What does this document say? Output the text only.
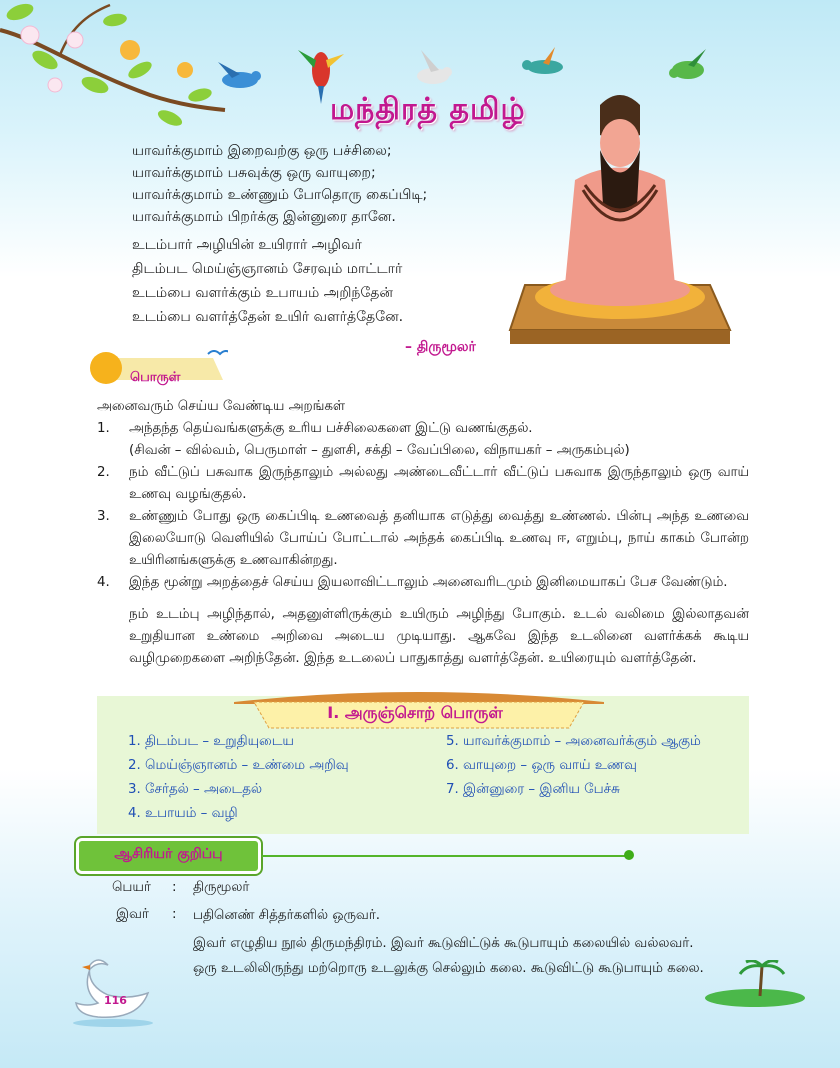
மந்திரத் தமிழ்
யாவர்க்குமாம் இறைவற்கு ஒரு பச்சிலை;
யாவர்க்குமாம் பசுவுக்கு ஒரு வாயுறை;
யாவர்க்குமாம் உண்ணும் போதொரு கைப்பிடி;
யாவர்க்குமாம் பிறர்க்கு இன்னுரை தானே.
உடம்பார் அழியின் உயிரார் அழிவர்
திடம்பட மெய்ஞ்ஞானம் சேரவும் மாட்டார்
உடம்பை வளர்க்கும் உபாயம் அறிந்தேன்
உடம்பை வளர்த்தேன் உயிர் வளர்த்தேனே.
– திருமூலர்
பொருள்
அனைவரும் செய்ய வேண்டிய அறங்கள்
1.	அந்தந்த தெய்வங்களுக்கு உரிய பச்சிலைகளை இட்டு வணங்குதல்.
(சிவன் – வில்வம், பெருமாள் – துளசி, சக்தி – வேப்பிலை, விநாயகர் – அருகம்புல்)
2.	நம் வீட்டுப் பசுவாக இருந்தாலும் அல்லது அண்டைவீட்டார் வீட்டுப் பசுவாக இருந்தாலும் ஒரு வாய் உணவு வழங்குதல்.
3.	உண்ணும் போது ஒரு கைப்பிடி உணவைத் தனியாக எடுத்து வைத்து உண்ணல். பின்பு அந்த உணவை இலையோடு வெளியில் போய்ப் போட்டால் அந்தக் கைப்பிடி உணவு ஈ, எறும்பு, நாய் காகம் போன்ற உயிரினங்களுக்கு உணவாகின்றது.
4.	இந்த மூன்று அறத்தைச் செய்ய இயலாவிட்டாலும் அனைவரிடமும் இனிமையாகப் பேச வேண்டும்.
நம் உடம்பு அழிந்தால், அதனுள்ளிருக்கும் உயிரும் அழிந்து போகும். உடல் வலிமை இல்லாதவன் உறுதியான உண்மை அறிவை அடைய முடியாது. ஆகவே இந்த உடலினை வளர்க்கக் கூடிய வழிமுறைகளை அறிந்தேன். இந்த உடலைப் பாதுகாத்து வளர்த்தேன். உயிரையும் வளர்த்தேன்.
I. அருஞ்சொற் பொருள்
1. திடம்பட – உறுதியுடைய
2. மெய்ஞ்ஞானம் – உண்மை அறிவு
3. சேர்தல் – அடைதல்
4. உபாயம் – வழி
5. யாவர்க்குமாம் – அனைவர்க்கும் ஆகும்
6. வாயுறை – ஒரு வாய் உணவு
7. இன்னுரை – இனிய பேச்சு
ஆசிரியர் குறிப்பு
பெயர் : திருமூலர்
இவர் : பதினெண் சித்தர்களில் ஒருவர்.
இவர் எழுதிய நூல் திருமந்திரம். இவர் கூடுவிட்டுக் கூடுபாயும் கலையில் வல்லவர்.
ஒரு உடலிலிருந்து மற்றொரு உடலுக்கு செல்லும் கலை. கூடுவிட்டு கூடுபாயும் கலை.
116
